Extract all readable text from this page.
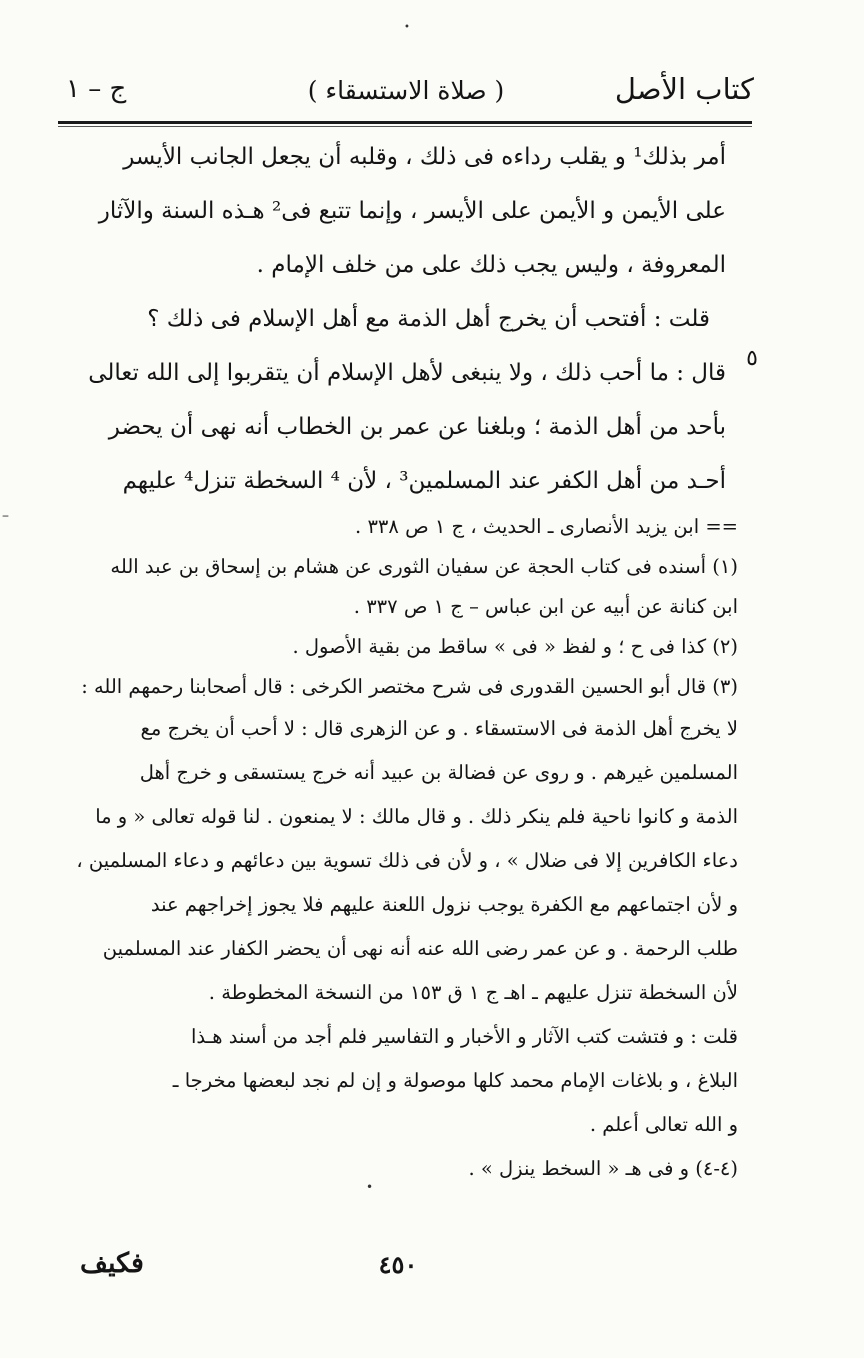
كتاب الأصل
( صلاة الاستسقاء )
ج – ١
أمر بذلك¹ و يقلب رداءه فى ذلك ، وقلبه أن يجعل الجانب الأيسر
على الأيمن و الأيمن على الأيسر ، وإنما تتبع فى² هـذه السنة والآثار
المعروفة ، وليس يجب ذلك على من خلف الإمام .
قلت : أفتحب أن يخرج أهل الذمة مع أهل الإسلام فى ذلك ؟
٥
قال : ما أحب ذلك ، ولا ينبغى لأهل الإسلام أن يتقربوا إلى الله تعالى
بأحد من أهل الذمة ؛ وبلغنا عن عمر بن الخطاب أنه نهى أن يحضر
أحـد من أهل الكفر عند المسلمين³ ، لأن ⁴ السخطة تنزل⁴ عليهم
== ابن يزيد الأنصارى ـ الحديث ، ج ١ ص ٣٣٨ .
(١) أسنده فى كتاب الحجة عن سفيان الثورى عن هشام بن إسحاق بن عبد الله
ابن كنانة عن أبيه عن ابن عباس – ج ١ ص ٣٣٧ .
(٢) كذا فى ح ؛ و لفظ « فى » ساقط من بقية الأصول .
(٣) قال أبو الحسين القدورى فى شرح مختصر الكرخى : قال أصحابنا رحمهم الله :
لا يخرج أهل الذمة فى الاستسقاء . و عن الزهرى قال : لا أحب أن يخرج مع
المسلمين غيرهم . و روى عن فضالة بن عبيد أنه خرج يستسقى و خرج أهل
الذمة و كانوا ناحية فلم ينكر ذلك . و قال مالك : لا يمنعون . لنا قوله تعالى « و ما
دعاء الكافرين إلا فى ضلال » ، و لأن فى ذلك تسوية بين دعائهم و دعاء المسلمين ،
و لأن اجتماعهم مع الكفرة يوجب نزول اللعنة عليهم فلا يجوز إخراجهم عند
طلب الرحمة . و عن عمر رضى الله عنه أنه نهى أن يحضر الكفار عند المسلمين
لأن السخطة تنزل عليهم ـ اهـ ج ١ ق ١٥٣ من النسخة المخطوطة .
قلت : و فتشت كتب الآثار و الأخبار و التفاسير فلم أجد من أسند هـذا
البلاغ ، و بلاغات الإمام محمد كلها موصولة و إن لم نجد لبعضها مخرجا ـ
و الله تعالى أعلم .
(٤-٤) و فى هـ « السخط ينزل » .
٤٥٠
فكيف
•
–
•
